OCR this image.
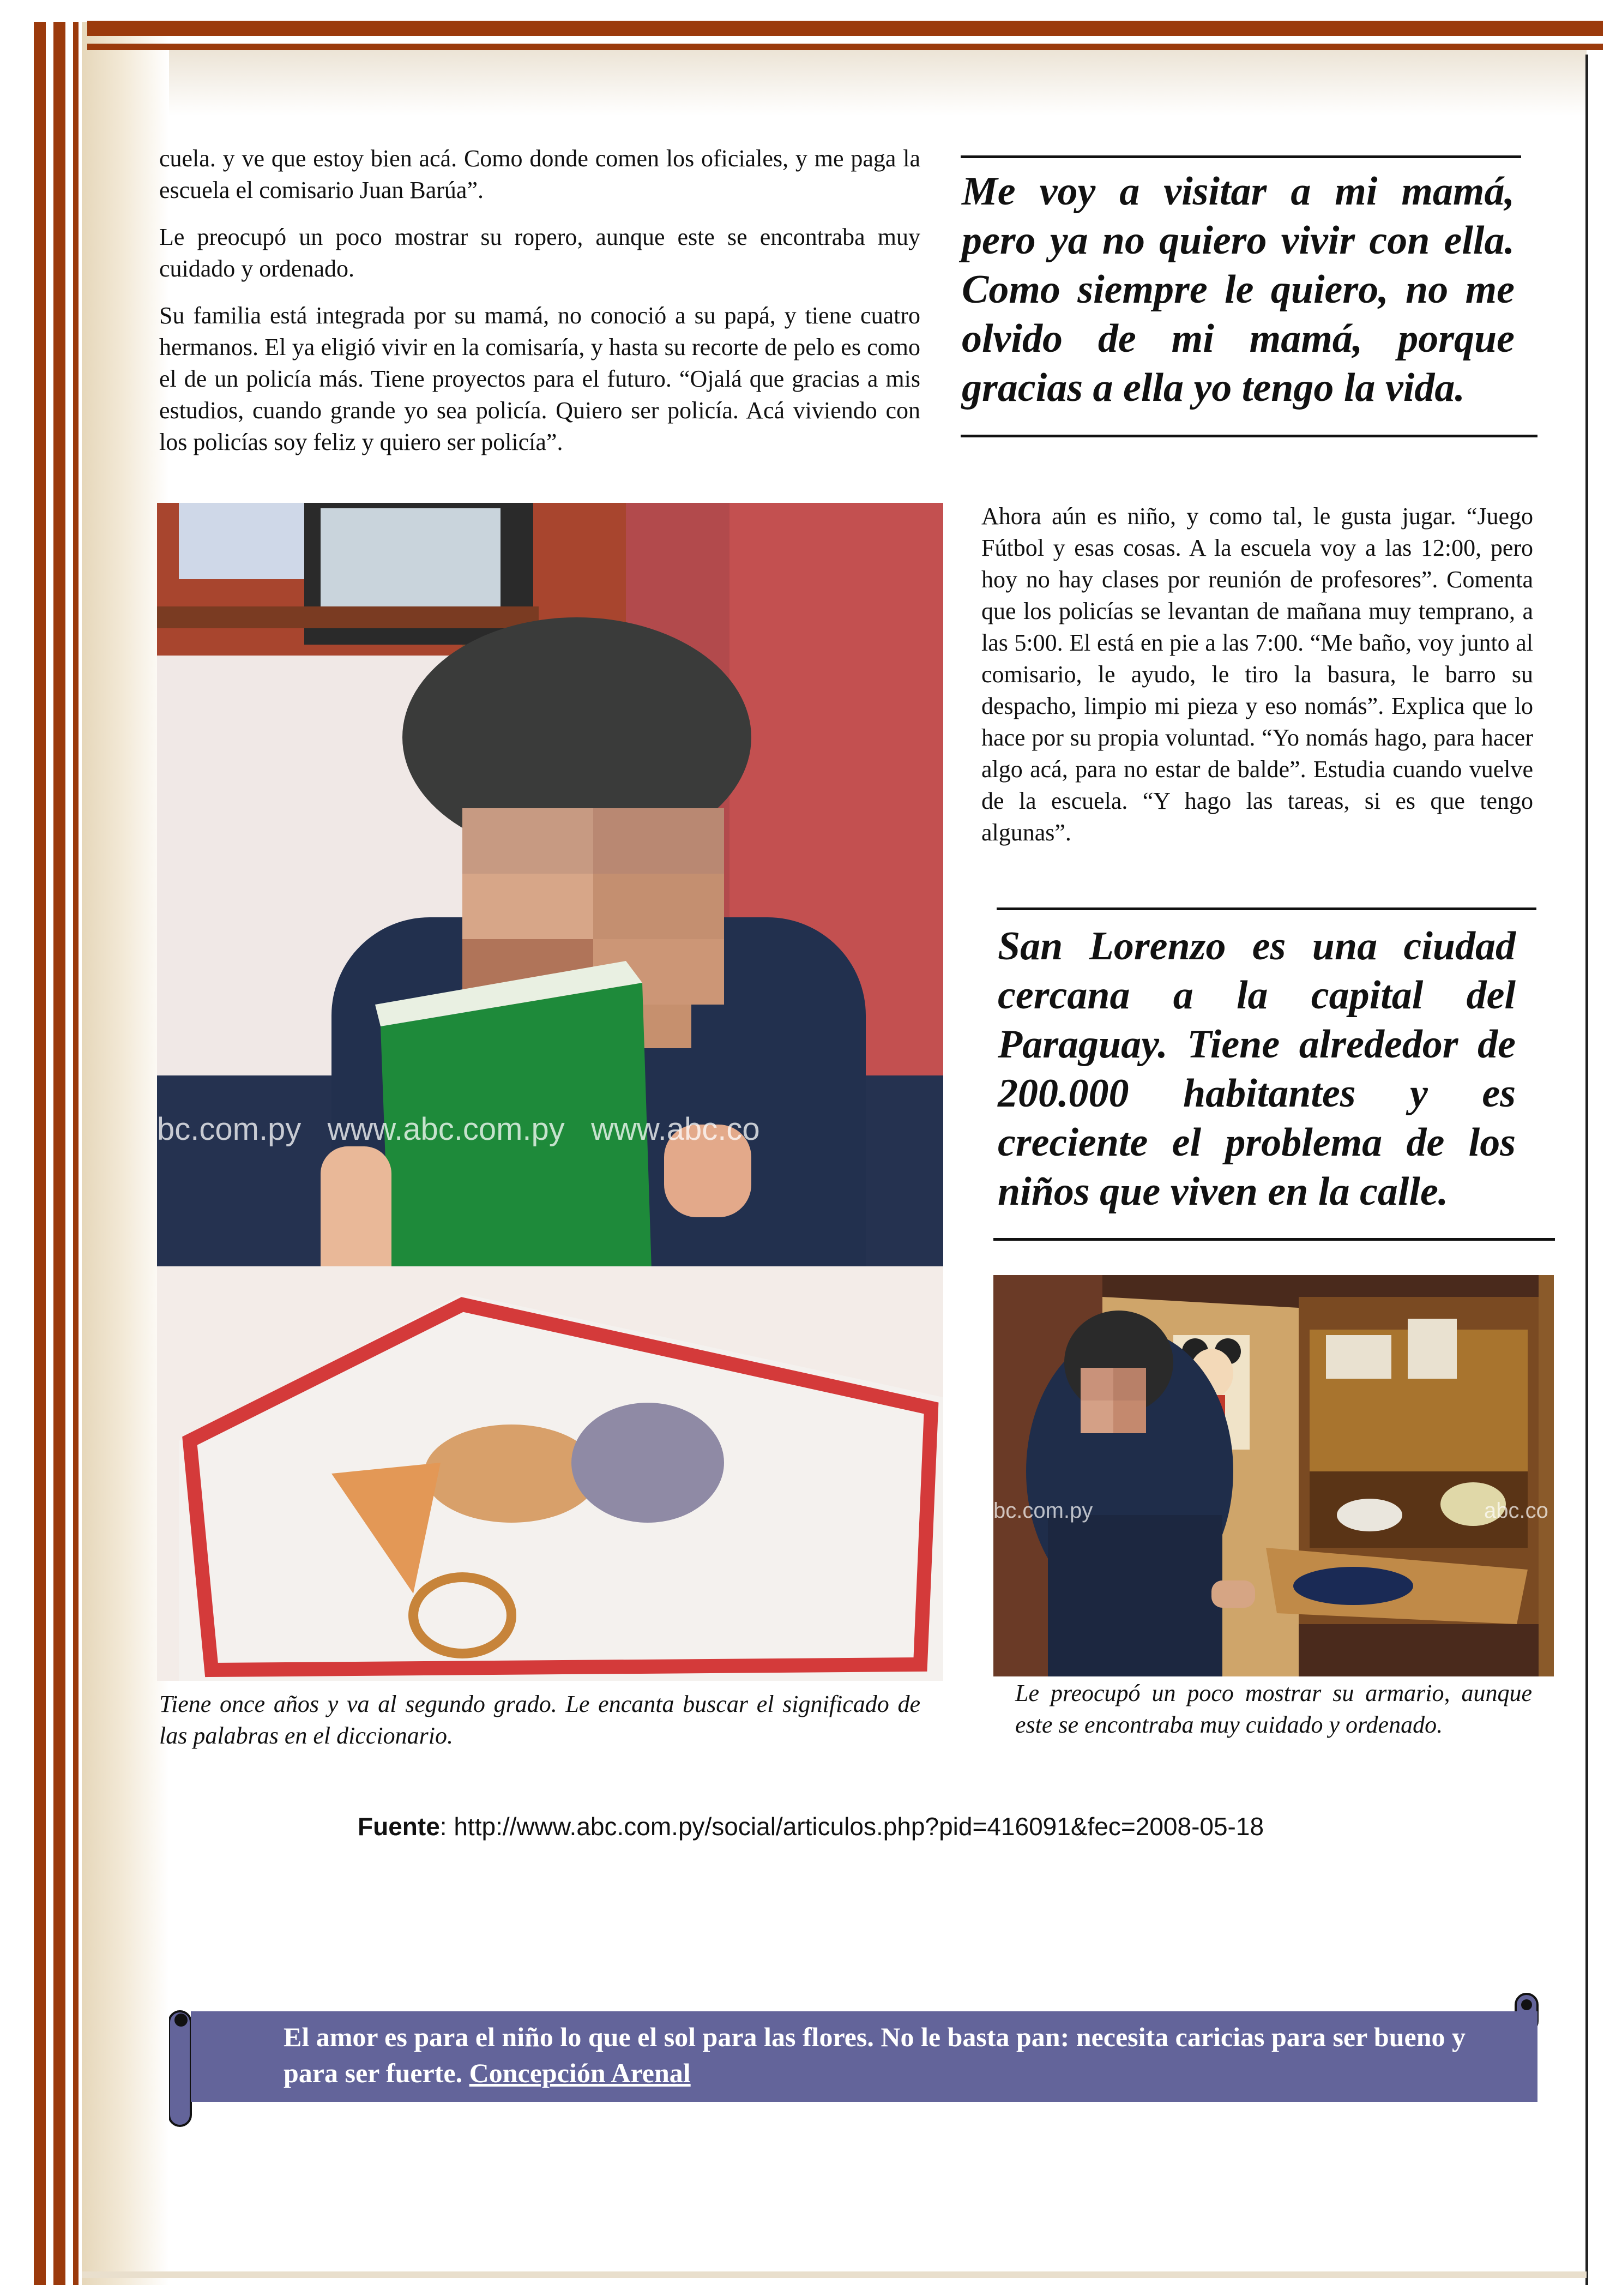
cuela. y ve que estoy bien acá. Como donde comen los oficiales, y me paga la escuela el comisario Juan Barúa”.

Le preocupó un poco mostrar su ropero, aunque este se encontraba muy cuidado y ordenado.

Su familia está integrada por su mamá, no conoció a su papá, y tiene cuatro hermanos. El ya eligió vivir en la comisaría, y hasta su recorte de pelo es como el de un policía más. Tiene proyectos para el futuro. “Ojalá que gracias a mis estudios, cuando grande yo sea policía. Quiero ser policía. Acá viviendo con los policías soy feliz y quiero ser policía”.

Me voy a visitar a mi mamá, pero ya no quiero vivir con ella. Como siempre le quiero, no me olvido de mi mamá, porque gracias a ella yo tengo la vida.

Ahora aún es niño, y como tal, le gusta jugar. “Juego Fútbol y esas cosas. A la escuela voy a las 12:00, pero hoy no hay clases por reunión de profesores”. Comenta que los policías se levantan de mañana muy temprano, a las 5:00. El está en pie a las 7:00. “Me baño, voy junto al comisario, le ayudo, le tiro la basura, le barro su despacho, limpio mi pieza y eso nomás”. Explica que lo hace por su propia voluntad. “Yo nomás hago, para hacer algo acá, para no estar de balde”. Estudia cuando vuelve de la escuela. “Y hago las tareas, si es que tengo algunas”.

San Lorenzo es una ciudad cercana a la capital del Paraguay. Tiene alrededor de 200.000 habitantes y es creciente el problema de los niños que viven en la calle.
bc.com.py   www.abc.com.py   www.abc.co
Tiene once años y va al segundo grado. Le encanta buscar el significado de las palabras en el diccionario.
bc.com.py	abc.co
Le preocupó un poco mostrar su armario, aunque este se encontraba muy cuidado y ordenado.
Fuente: http://www.abc.com.py/social/articulos.php?pid=416091&fec=2008-05-18
El amor es para el niño lo que el sol para las flores. No le basta pan: necesita caricias para ser bueno y para ser fuerte. Concepción Arenal
